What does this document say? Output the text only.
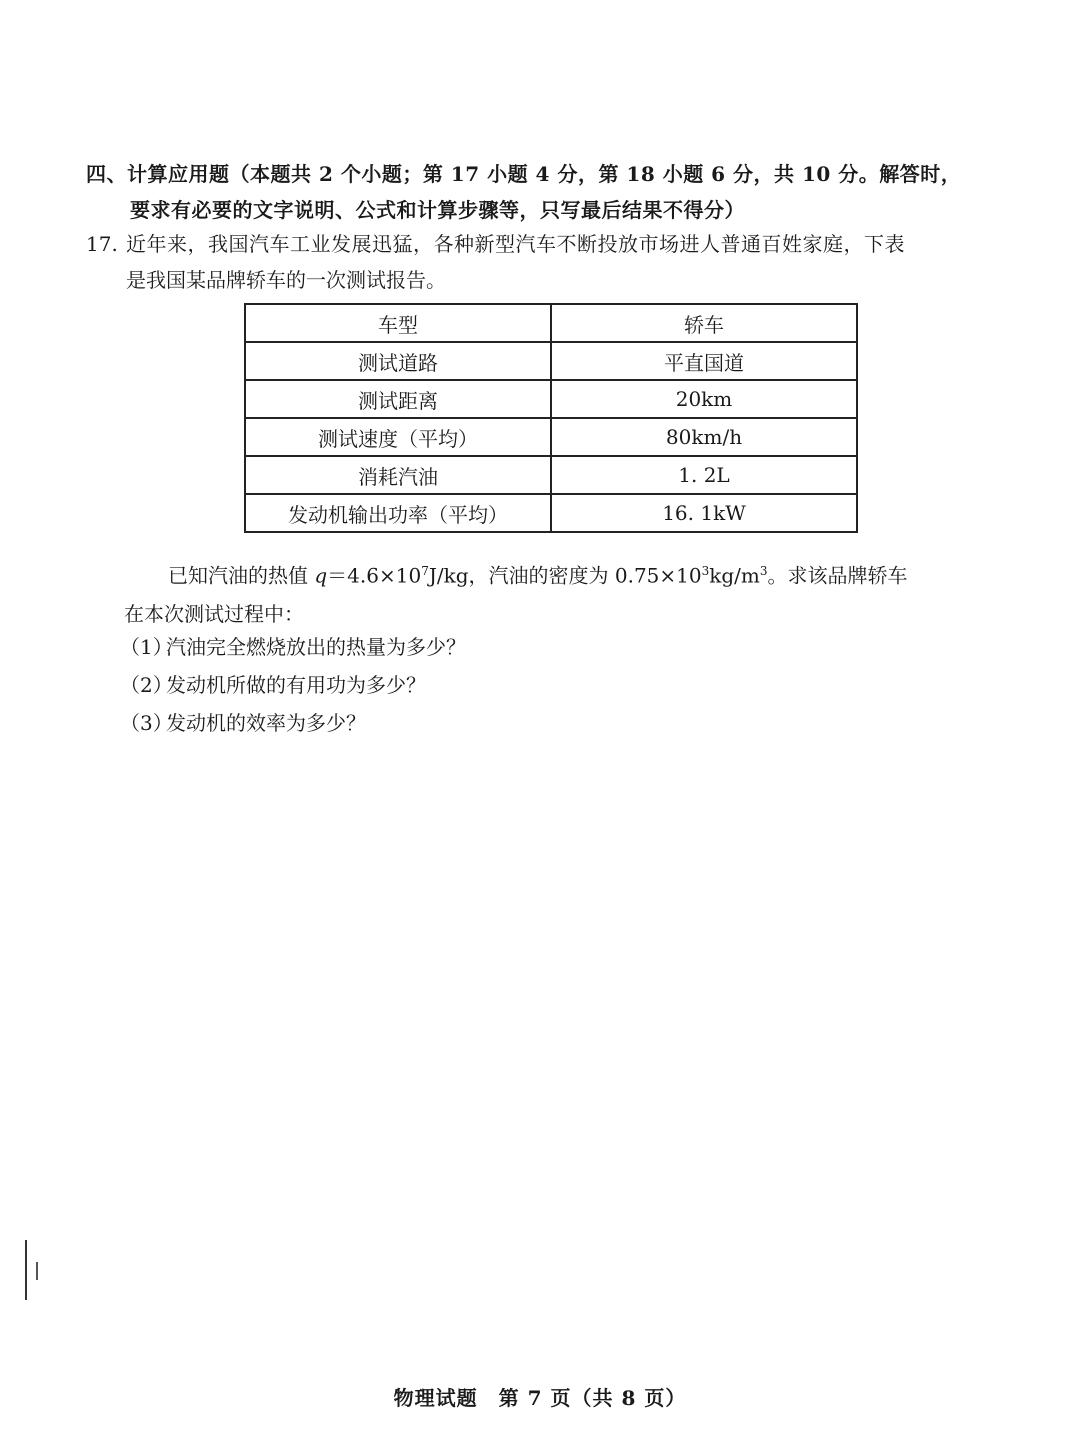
四、计算应用题（本题共 2 个小题；第 17 小题 4 分，第 18 小题 6 分，共 10 分。解答时，
要求有必要的文字说明、公式和计算步骤等，只写最后结果不得分）
17. 近年来，我国汽车工业发展迅猛，各种新型汽车不断投放市场进人普通百姓家庭，下表
是我国某品牌轿车的一次测试报告。
车型	轿车
测试道路	平直国道
测试距离	20km
测试速度（平均）	80km/h
消耗汽油	1. 2L
发动机输出功率（平均）	16. 1kW
已知汽油的热值 $q=4.6\times 10^7J/kg$，汽油的密度为 $0.75\times 10^3kg/m^3$。求该品牌轿车
在本次测试过程中：
（1）汽油完全燃烧放出的热量为多少？
（2）发动机所做的有用功为多少？
（3）发动机的效率为多少？
物理试题　第 7 页（共 8 页）
